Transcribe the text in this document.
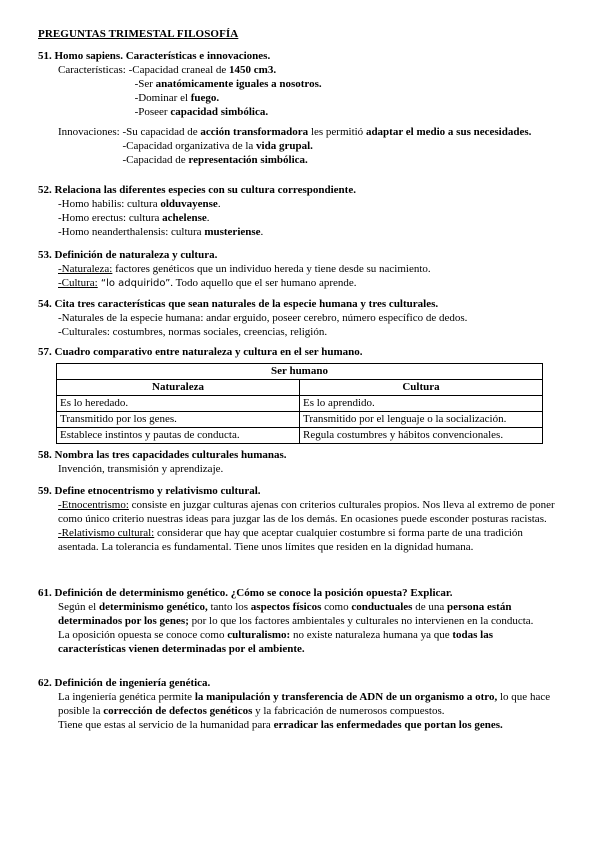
PREGUNTAS TRIMESTAL FILOSOFÍA
51. Homo sapiens. Características e innovaciones.
Características: -Capacidad craneal de 1450 cm3.
-Ser anatómicamente iguales a nosotros.
-Dominar el fuego.
-Poseer capacidad simbólica.
Innovaciones: -Su capacidad de acción transformadora les permitió adaptar el medio a sus necesidades.
-Capacidad organizativa de la vida grupal.
-Capacidad de representación simbólica.
52. Relaciona las diferentes especies con su cultura correspondiente.
-Homo habilis: cultura olduvayense.
-Homo erectus: cultura achelense.
-Homo neanderthalensis: cultura musteriense.
53. Definición de naturaleza y cultura.
-Naturaleza: factores genéticos que un individuo hereda y tiene desde su nacimiento.
-Cultura: “lo adquirido”. Todo aquello que el ser humano aprende.
54. Cita tres características que sean naturales de la especie humana y tres culturales.
-Naturales de la especie humana: andar erguido, poseer cerebro, número específico de dedos.
-Culturales: costumbres, normas sociales, creencias, religión.
57. Cuadro comparativo entre naturaleza y cultura en el ser humano.
Ser humano	
Naturaleza	Cultura
Es lo heredado.	Es lo aprendido.
Transmitido por los genes.	Transmitido por el lenguaje o la socialización.
Establece instintos y pautas de conducta.	Regula costumbres y hábitos convencionales.
58. Nombra las tres capacidades culturales humanas.
Invención, transmisión y aprendizaje.
59. Define etnocentrismo y relativismo cultural.
-Etnocentrismo: consiste en juzgar culturas ajenas con criterios culturales propios. Nos lleva al extremo de poner como único criterio nuestras ideas para juzgar las de los demás. En ocasiones puede esconder posturas racistas.
-Relativismo cultural: considerar que hay que aceptar cualquier costumbre si forma parte de una tradición asentada. La tolerancia es fundamental. Tiene unos límites que residen en la dignidad humana.
61. Definición de determinismo genético. ¿Cómo se conoce la posición opuesta? Explicar.
Según el determinismo genético, tanto los aspectos físicos como conductuales de una persona están determinados por los genes; por lo que los factores ambientales y culturales no intervienen en la conducta.
La oposición opuesta se conoce como culturalismo: no existe naturaleza humana ya que todas las características vienen determinadas por el ambiente.
62. Definición de ingeniería genética.
La ingeniería genética permite la manipulación y transferencia de ADN de un organismo a otro, lo que hace posible la corrección de defectos genéticos y la fabricación de numerosos compuestos.
Tiene que estas al servicio de la humanidad para erradicar las enfermedades que portan los genes.
